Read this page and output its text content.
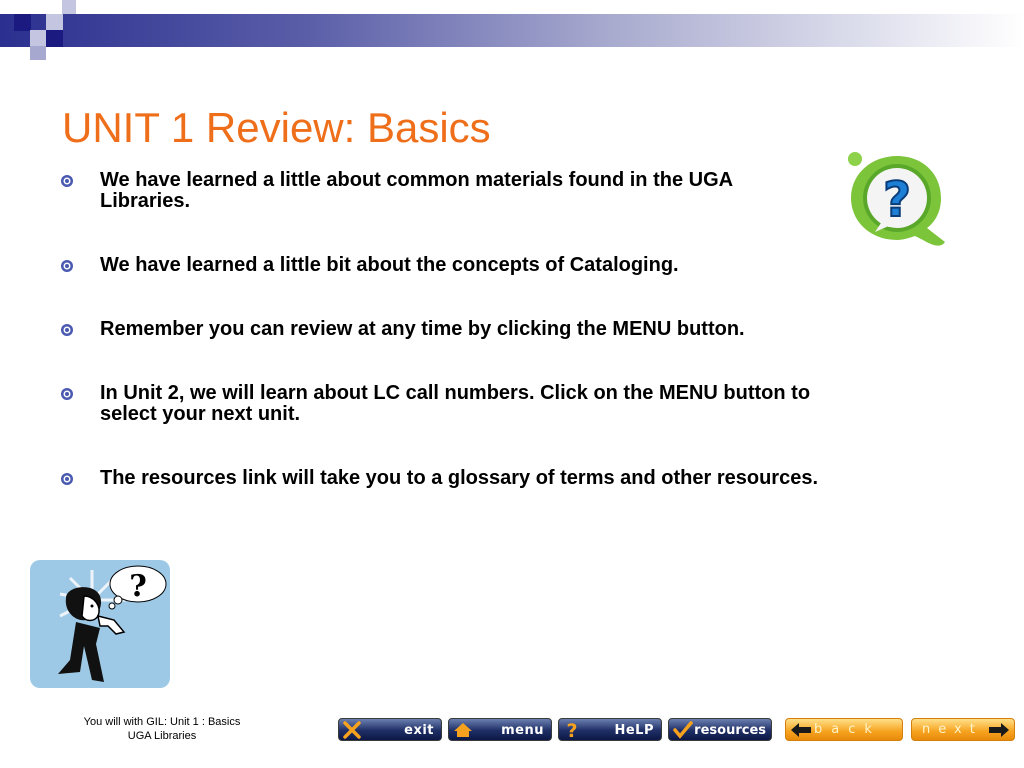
UNIT 1 Review: Basics
We have learned a little about common materials found in the UGA Libraries.
We have learned a little bit about the concepts of Cataloging.
Remember you can review at any time by clicking the MENU button.
In Unit 2, we will learn about LC call numbers. Click on the MENU button to select your next unit.
The resources link will take you to a glossary of terms and other resources.
?
?
You will with GIL: Unit 1 : Basics
UGA Libraries	exit	menu ?	HeLP	resources	back	next
